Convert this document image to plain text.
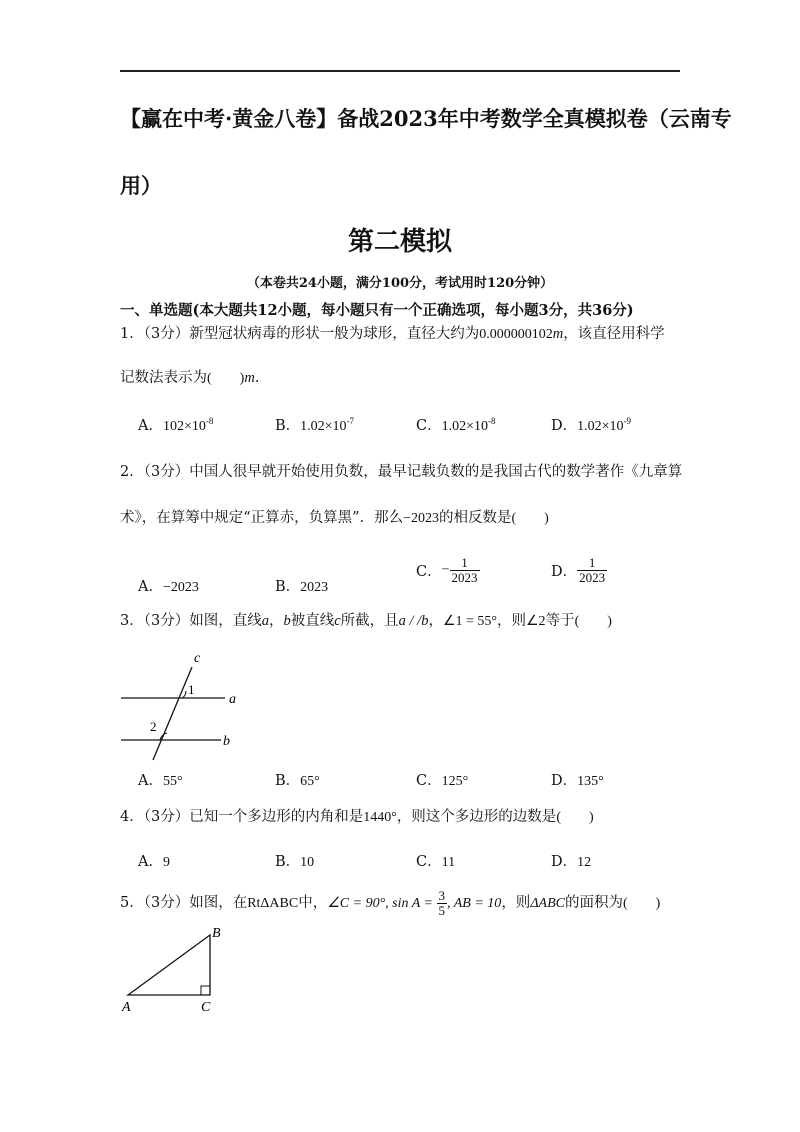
【赢在中考·黄金八卷】备战2023年中考数学全真模拟卷（云南专
用）
第二模拟
（本卷共24小题，满分100分，考试用时120分钟）
一、单选题(本大题共12小题，每小题只有一个正确选项，每小题3分，共36分)
1．（3分）新型冠状病毒的形状一般为球形，直径大约为0.000000102m，该直径用科学
记数法表示为(　　)m.
A．$102\times 10^{-8}$	B．$1.02\times 10^{-7}$	C．$1.02\times 10^{-8}$	D．$1.02\times 10^{-9}$
2．（3分）中国人很早就开始使用负数，最早记载负数的是我国古代的数学著作《九章算
术》，在算筹中规定“正算赤，负算黑”．那么−2023的相反数是(　　)
A．−2023	B．2023
C．− $\frac{1}{2023}$	D． $\frac{1}{2023}$
3．（3分）如图，直线a，b被直线c所截，且a / /b，∠1 = 55°，则∠2等于(　　)
c
1
a
2
b
A．55°	B．65°	C．125°	D．135°
4．（3分）已知一个多边形的内角和是1440°，则这个多边形的边数是(　　)
A．9	B．10	C．11	D．12
5．（3分）如图，在RtΔABC中，∠C = 90°, $\sin A = \frac{3}{5}$ , AB = 10，则ΔABC的面积为(　　)
B
A	C
